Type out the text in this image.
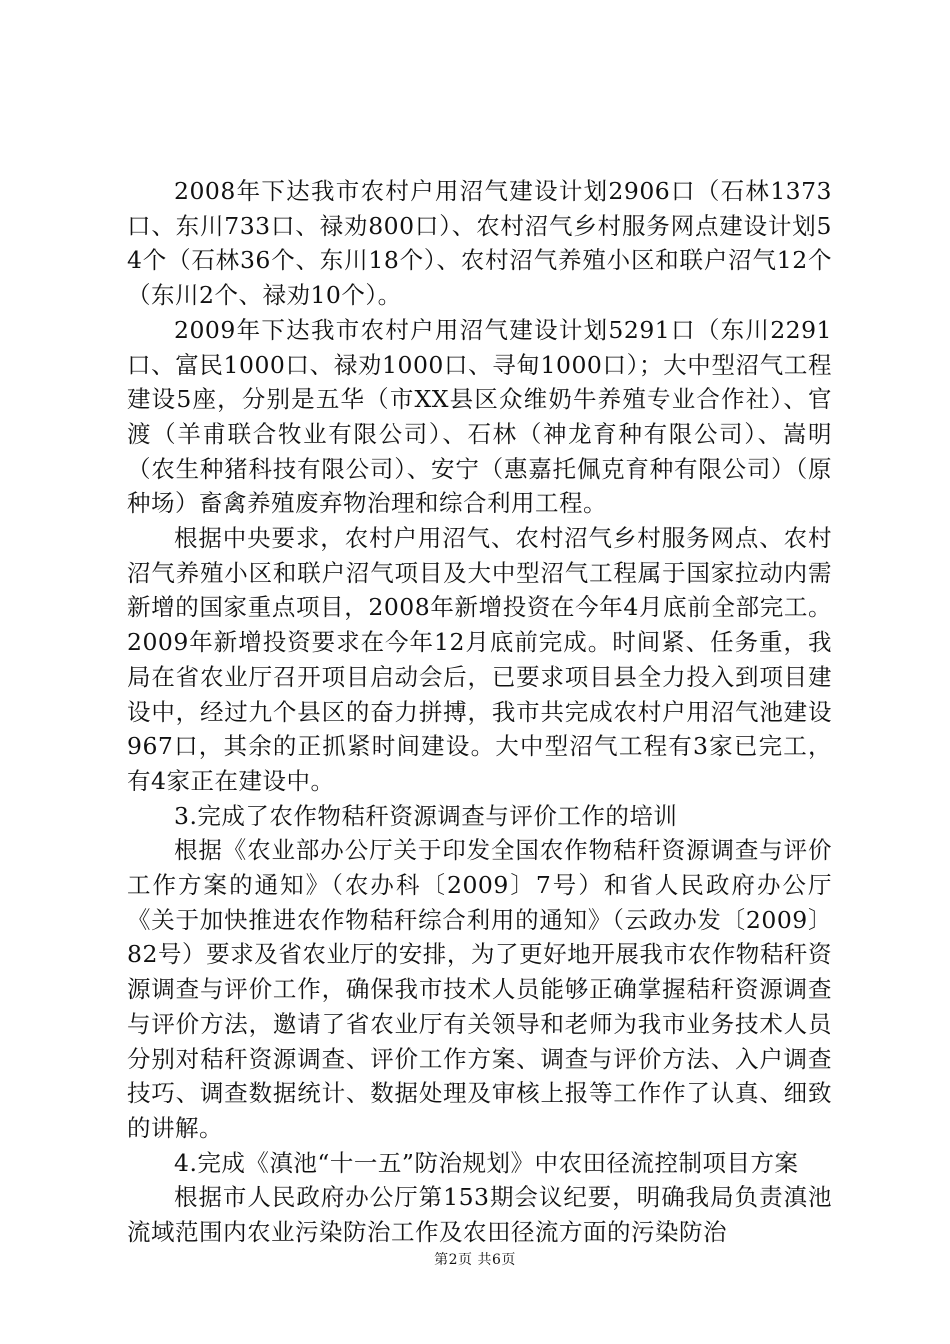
2008年下达我市农村户用沼气建设计划2906口（石林1373口、东川733口、禄劝800口）、农村沼气乡村服务网点建设计划54个（石林36个、东川18个）、农村沼气养殖小区和联户沼气12个（东川2个、禄劝10个）。

2009年下达我市农村户用沼气建设计划5291口（东川2291口、富民1000口、禄劝1000口、寻甸1000口）；大中型沼气工程建设5座，分别是五华（市XX县区众维奶牛养殖专业合作社）、官渡（羊甫联合牧业有限公司）、石林（神龙育种有限公司）、嵩明（农生种猪科技有限公司）、安宁（惠嘉托佩克育种有限公司）（原种场）畜禽养殖废弃物治理和综合利用工程。

根据中央要求，农村户用沼气、农村沼气乡村服务网点、农村沼气养殖小区和联户沼气项目及大中型沼气工程属于国家拉动内需新增的国家重点项目，2008年新增投资在今年4月底前全部完工。2009年新增投资要求在今年12月底前完成。时间紧、任务重，我局在省农业厅召开项目启动会后，已要求项目县全力投入到项目建设中，经过九个县区的奋力拼搏，我市共完成农村户用沼气池建设967口，其余的正抓紧时间建设。大中型沼气工程有3家已完工，有4家正在建设中。

3.完成了农作物秸秆资源调查与评价工作的培训

根据《农业部办公厅关于印发全国农作物秸秆资源调查与评价工作方案的通知》（农办科〔2009〕7号）和省人民政府办公厅《关于加快推进农作物秸秆综合利用的通知》（云政办发〔2009〕82号）要求及省农业厅的安排，为了更好地开展我市农作物秸秆资源调查与评价工作，确保我市技术人员能够正确掌握秸秆资源调查与评价方法，邀请了省农业厅有关领导和老师为我市业务技术人员分别对秸秆资源调查、评价工作方案、调查与评价方法、入户调查技巧、调查数据统计、数据处理及审核上报等工作作了认真、细致的讲解。

4.完成《滇池“十一五”防治规划》中农田径流控制项目方案

根据市人民政府办公厅第153期会议纪要，明确我局负责滇池流域范围内农业污染防治工作及农田径流方面的污染防治

第2页 共6页
